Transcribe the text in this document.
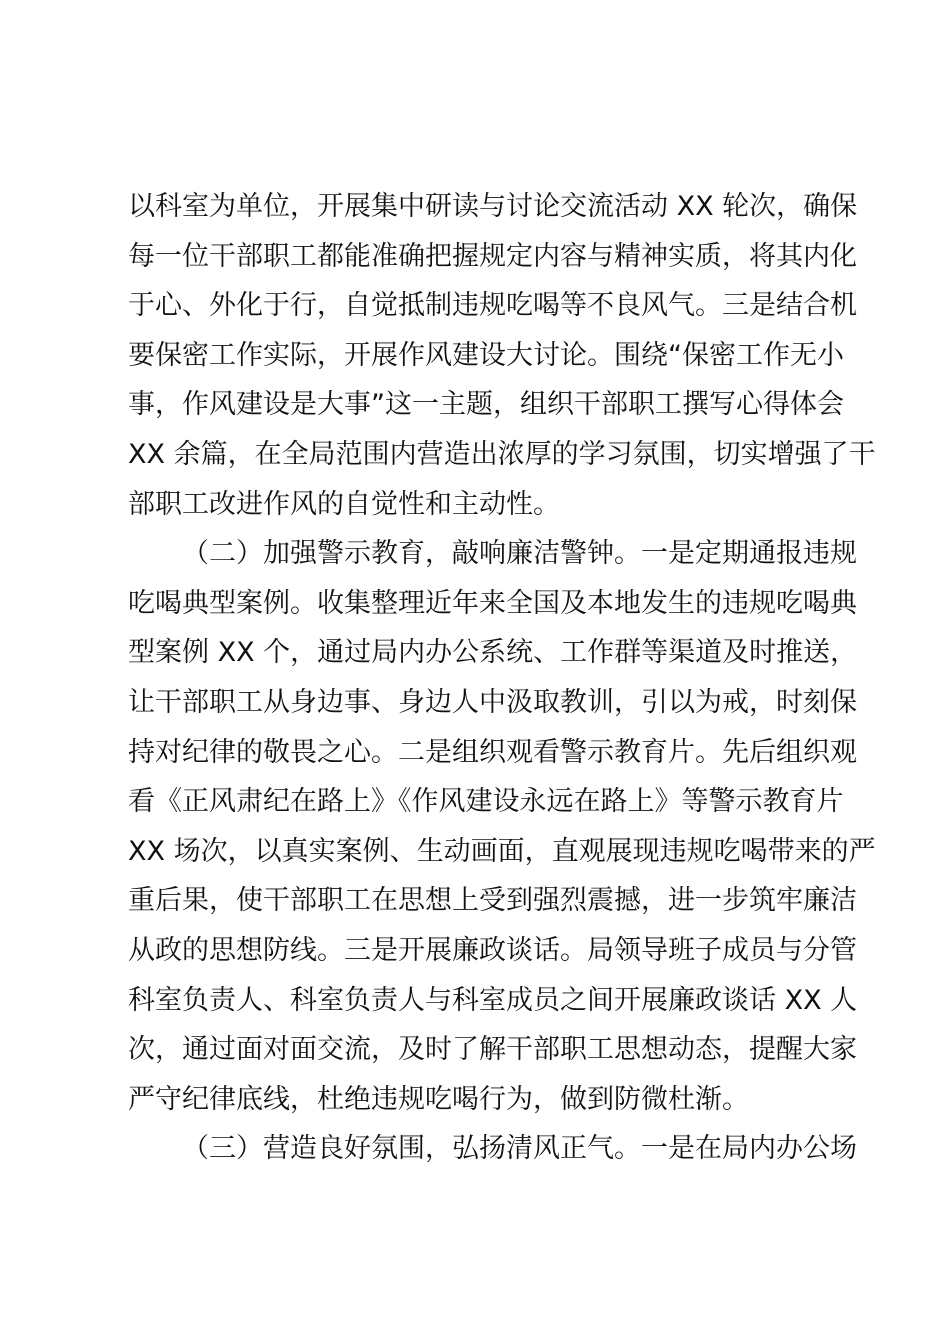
以科室为单位，开展集中研读与讨论交流活动 XX 轮次，确保
每一位干部职工都能准确把握规定内容与精神实质，将其内化
于心、外化于行，自觉抵制违规吃喝等不良风气。三是结合机
要保密工作实际，开展作风建设大讨论。围绕“保密工作无小
事，作风建设是大事”这一主题，组织干部职工撰写心得体会
XX 余篇，在全局范围内营造出浓厚的学习氛围，切实增强了干
部职工改进作风的自觉性和主动性。
（二）加强警示教育，敲响廉洁警钟。一是定期通报违规
吃喝典型案例。收集整理近年来全国及本地发生的违规吃喝典
型案例 XX 个，通过局内办公系统、工作群等渠道及时推送，
让干部职工从身边事、身边人中汲取教训，引以为戒，时刻保
持对纪律的敬畏之心。二是组织观看警示教育片。先后组织观
看《正风肃纪在路上》《作风建设永远在路上》等警示教育片
XX 场次，以真实案例、生动画面，直观展现违规吃喝带来的严
重后果，使干部职工在思想上受到强烈震撼，进一步筑牢廉洁
从政的思想防线。三是开展廉政谈话。局领导班子成员与分管
科室负责人、科室负责人与科室成员之间开展廉政谈话 XX 人
次，通过面对面交流，及时了解干部职工思想动态，提醒大家
严守纪律底线，杜绝违规吃喝行为，做到防微杜渐。
（三）营造良好氛围，弘扬清风正气。一是在局内办公场
